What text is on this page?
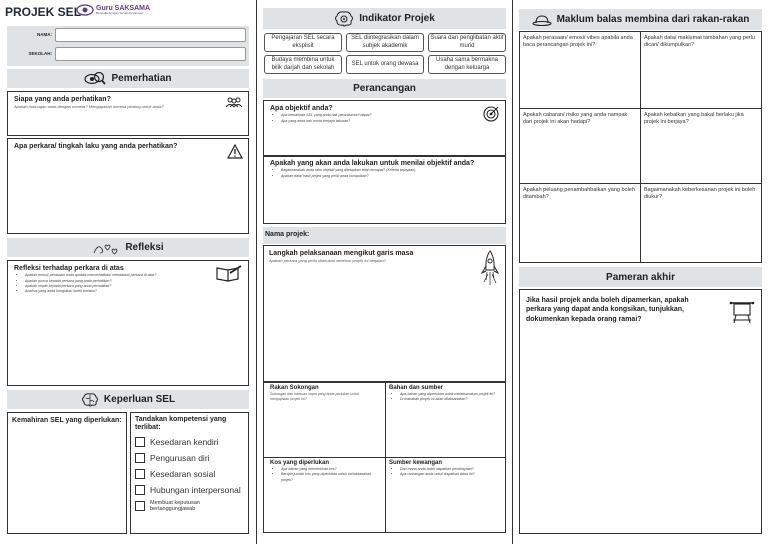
PROJEK SEL Guru SAKSAMA
Bersedia dengan Sosial dan Emosi
NAMA:
SEKOLAH:
Pemerhatian
Siapa yang anda perhatikan?
Apakah hubungan anda dengan mereka? Mengapakah mereka penting untuk anda?
Apa perkara/ tingkah laku yang anda perhatikan?
Refleksi
Refleksi terhadap perkara di atas
• Apakah emosi/ perasaan anda apabila memerhatikan/ mendalami perkara di atas?
• Apakah punca kepada perkara yang anda perhatikan?
• Apakah impak kepada perkara yang anda perhatikan?
• Analisis yang anda kongsikan boleh berlaku?
Keperluan SEL
Kemahiran SEL yang diperlukan: Tandakan kompetensi yang terlibat:
Kesedaran kendiri
Pengurusan diri
Kesedaran sosial
Hubungan interpersonal
Membuat keputusan bertanggungjawab
Indikator Projek
Pengajaran SEL secara eksplisit
SEL diintegrasikan dalam subjek akademik
Suara dan penglibatan aktif murid
Budaya membina untuk bilik darjah dan sekolah
SEL untuk orang dewasa
Usaha sama bermakna dengan keluarga
Perancangan
Apa objektif anda?
• Apa kemahiran SEL yang anda nak perantiumur/i dapat?
• Apa yang anda nak murid berjaya lakukan?
Apakah yang akan anda lakukan untuk menilai objektif anda?
• Bagaimanakah anda tahu objektif yang ditetapkan telah tercapai? (Kriteria kejayaan)
• Apakah data/ hasil projek yang perlu anda kumpulkan?
Nama projek:
Langkah pelaksanaan mengikut garis masa
Apakah perkara yang perlu dilakukan sebelum projek ini berjalan?
Rakan Sokongan
Sokongan dan bantuan siapa yang anda perlukan untuk menjayakan projek ini?
Bahan dan sumber
• Apa bahan yang diperlukan untuk melaksanakan projek ini?
• Di manakah projek ini akan dilaksanakan?
Kos yang diperlukan
• Apa bahan yang memerlukan kos?
• Berapa jumlah kos yang diperlukan untuk melaksanakan projek?
Sumber kewangan
• Dari mana anda boleh dapatkan pembiayaan?
• Apa rancangan anda untuk dapatkan dana ini?
Maklum balas membina dari rakan-rakan
Apakah perasaan/ emosi/ vibes apabila anda baca perancangan projek ini?
Apakah data/ maklumat tambahan yang perlu dicari/ dikumpulkan?
Apakah cabaran/ risiko yang anda nampak dari projek ini akan hadapi?
Apakah kebaikan yang bakal berlaku jika projek ini berjaya?
Apakah peluang penambahbaikan yang boleh ditambah?
Bagaimanakah keberkesanan projek ini boleh diukur?
Pameran akhir
Jika hasil projek anda boleh dipamerkan, apakah perkara yang dapat anda kongsikan, tunjukkan, dokumenkan kepada orang ramai?
